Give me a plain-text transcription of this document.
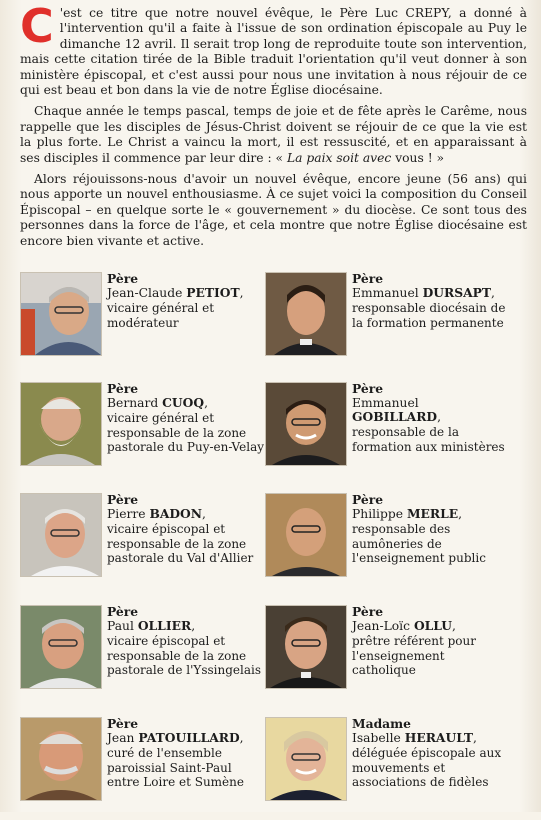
C 'est ce titre que notre nouvel évêque, le Père Luc CREPY, a donné à l'intervention qu'il a faite à l'issue de son ordination épiscopale au Puy le dimanche 12 avril. Il serait trop long de reproduite toute son intervention, mais cette citation tirée de la Bible traduit l'orientation qu'il veut donner à son ministère épiscopal, et c'est aussi pour nous une invitation à nous réjouir de ce qui est beau et bon dans la vie de notre Église diocésaine.

Chaque année le temps pascal, temps de joie et de fête après le Carême, nous rappelle que les disciples de Jésus-Christ doivent se réjouir de ce que la vie est la plus forte. Le Christ a vaincu la mort, il est ressuscité, et en apparaissant à ses disciples il commence par leur dire : « La paix soit avec vous ! »

Alors réjouissons-nous d'avoir un nouvel évêque, encore jeune (56 ans) qui nous apporte un nouvel enthousiasme. À ce sujet voici la composition du Conseil Épiscopal – en quelque sorte le « gouvernement » du diocèse. Ce sont tous des personnes dans la force de l'âge, et cela montre que notre Église diocésaine est encore bien vivante et active.

Père
Jean-Claude PETIOT,
vicaire général et modérateur
Père
Emmanuel DURSAPT,
responsable diocésain de la formation permanente
Père
Bernard CUOQ,
vicaire général et responsable de la zone pastorale du Puy-en-Velay
Père
Emmanuel GOBILLARD,
responsable de la formation aux ministères
Père
Pierre BADON,
vicaire épiscopal et responsable de la zone pastorale du Val d'Allier
Père
Philippe MERLE,
responsable des aumôneries de l'enseignement public
Père
Paul OLLIER,
vicaire épiscopal et responsable de la zone pastorale de l'Yssingelais
Père
Jean-Loïc OLLU,
prêtre référent pour l'enseignement catholique
Père
Jean PATOUILLARD,
curé de l'ensemble paroissial Saint-Paul entre Loire et Sumène
Madame
Isabelle HERAULT,
déléguée épiscopale aux mouvements et associations de fidèles
